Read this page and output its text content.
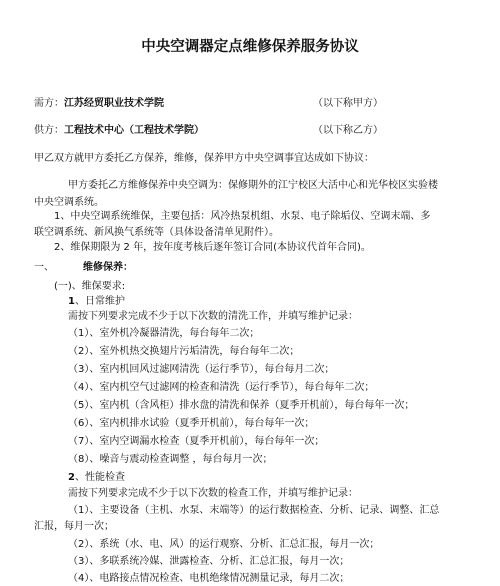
中央空调器定点维修保养服务协议
需方： 江苏经贸职业技术学院	（以下称甲方）
供方： 工程技术中心（工程技术学院）	（以下称乙方）
甲乙双方就甲方委托乙方保养，维修，保养甲方中央空调事宜达成如下协议：
甲方委托乙方维修保养中央空调为：保修期外的江宁校区大活中心和光华校区实验楼
中央空调系统。
1、中央空调系统维保，主要包括：风冷热泵机组、水泵、电子除垢仪、空调末端、多
联空调系统、新风换气系统等（具体设备清单见附件）。
2、维保期限为 2 年，按年度考核后逐年签订合同(本协议代首年合同)。
一、	维修保养：
(一)、维保要求:
1 、日常维护
需按下列要求完成不少于以下次数的清洗工作，并填写维护记录：
（1）、室外机冷凝器清洗，每台每年二次；
（2）、室外机热交换翅片污垢清洗，每台每年二次；
（3）、室内机回风过滤网清洗（运行季节），每台每月二次；
（4）、室内机空气过滤网的检查和清洗（运行季节），每台每年二次；
（5）、室内机（含风柜）排水盘的清洗和保养（夏季开机前），每台每年一次；
（6）、室内机排水试验（夏季开机前），每台每年一次；
（7）、室内空调漏水检查（夏季开机前），每台每年一次；
（8）、噪音与震动检查调整 ，每台每月一次；
2 、性能检查
需按下列要求完成不少于以下次数的检查工作，并填写维护记录：
（1）、主要设备（主机、水泵、末端等）的运行数据检查、分析、记录、调整、汇总
汇报，每月一次；
（2）、系统（水、电、风）的运行观察、分析、汇总汇报，每月一次；
（3）、多联系统冷媒、泄露检查、分析、汇总汇报，每月一次；
（4）、电路接点情况检查、电机绝缘情况测量记录，每月二次；
